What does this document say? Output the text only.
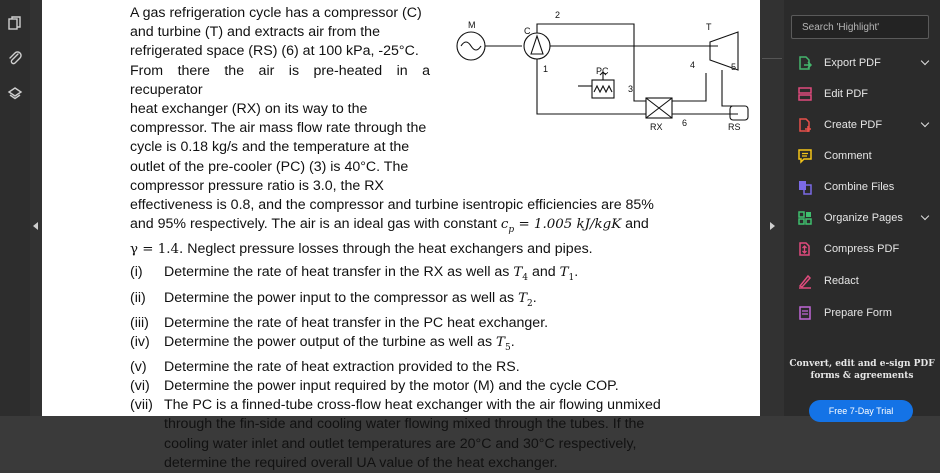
A gas refrigeration cycle has a compressor (C)
and turbine (T) and extracts air from the
refrigerated space (RS) (6) at 100 kPa, -25°C.
From there the air is pre-heated in a recuperator
heat exchanger (RX) on its way to the
compressor. The air mass flow rate through the
cycle is 0.18 kg/s and the temperature at the
outlet of the pre-cooler (PC) (3) is 40°C. The
compressor pressure ratio is 3.0, the RX
effectiveness is 0.8, and the compressor and turbine isentropic efficiencies are 85%
and 95% respectively. The air is an ideal gas with constant $c_p = 1.005$ kJ/kgK and
γ = 1.4. Neglect pressure losses through the heat exchangers and pipes.
(i) Determine the rate of heat transfer in the RX as well as $T_4$ and $T_1$.
(ii) Determine the power input to the compressor as well as $T_2$.
(iii) Determine the rate of heat transfer in the PC heat exchanger.
(iv) Determine the power output of the turbine as well as $T_5$.
(v) Determine the rate of heat extraction provided to the RS.
(vi) Determine the power input required by the motor (M) and the cycle COP.
(vii) The PC is a finned-tube cross-flow heat exchanger with the air flowing unmixed
through the fin-side and cooling water flowing mixed through the tubes. If the
cooling water inlet and outlet temperatures are 20°C and 30°C respectively,
determine the required overall UA value of the heat exchanger.
M
C	T
PC
RX	RS
2
1
3
4	5
6
Search 'Highlight'
Export PDF
Edit PDF
Create PDF
Comment
Combine Files
Organize Pages
Compress PDF
Redact
Prepare Form
Convert, edit and e-sign PDF
forms & agreements
Free 7-Day Trial
